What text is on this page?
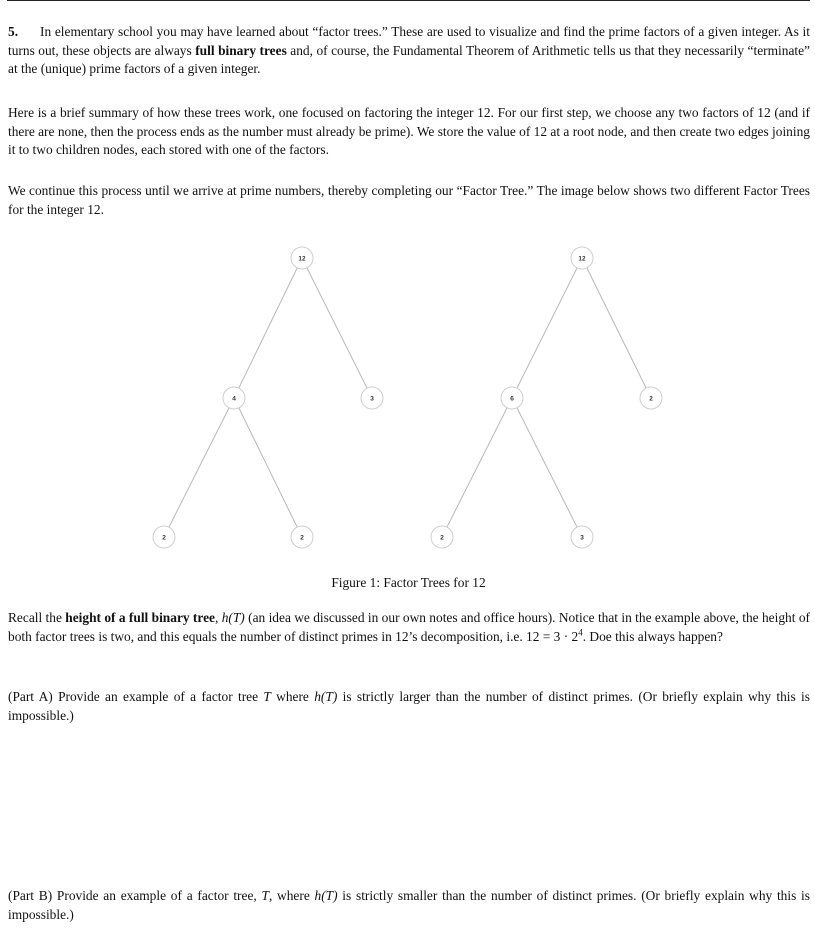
5. In elementary school you may have learned about “factor trees.” These are used to visualize and find the prime factors of a given integer. As it turns out, these objects are always full binary trees and, of course, the Fundamental Theorem of Arithmetic tells us that they necessarily “terminate” at the (unique) prime factors of a given integer.

Here is a brief summary of how these trees work, one focused on factoring the integer 12. For our first step, we choose any two factors of 12 (and if there are none, then the process ends as the number must already be prime). We store the value of 12 at a root node, and then create two edges joining it to two children nodes, each stored with one of the factors.

We continue this process until we arrive at prime numbers, thereby completing our “Factor Tree.” The image below shows two different Factor Trees for the integer 12.

12
4	3
2	2
12
6	2
2	3
Figure 1: Factor Trees for 12

Recall the height of a full binary tree, h(T) (an idea we discussed in our own notes and office hours). Notice that in the example above, the height of both factor trees is two, and this equals the number of distinct primes in 12’s decomposition, i.e. $12 = 3 \cdot 2^4$. Doe this always happen?

(Part A) Provide an example of a factor tree T where h(T) is strictly larger than the number of distinct primes. (Or briefly explain why this is impossible.)

(Part B) Provide an example of a factor tree, T, where h(T) is strictly smaller than the number of distinct primes. (Or briefly explain why this is impossible.)
